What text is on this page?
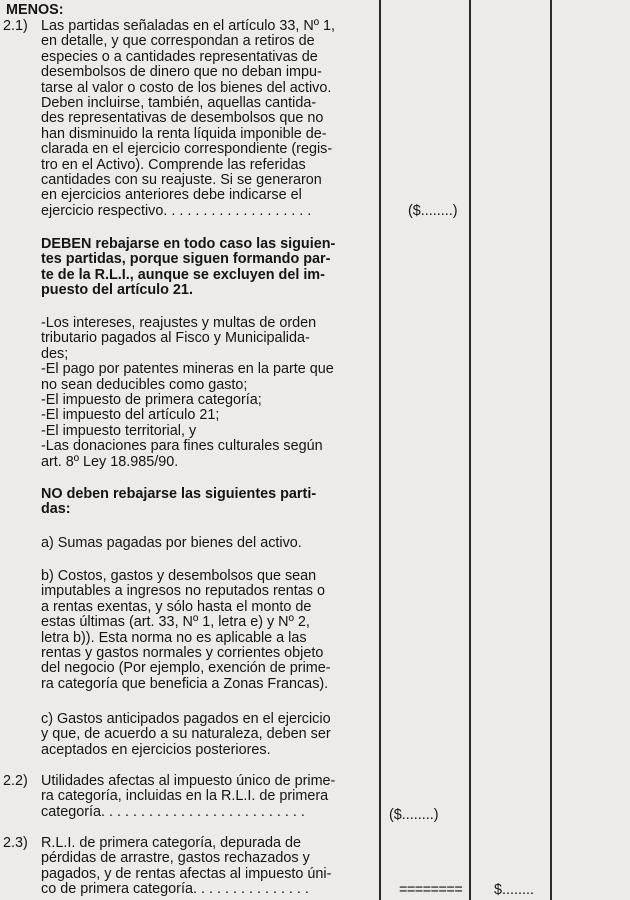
MENOS:
2.1) Las partidas señaladas en el artículo 33, Nº 1,
en detalle, y que correspondan a retiros de
especies o a cantidades representativas de
desembolsos de dinero que no deban impu-
tarse al valor o costo de los bienes del activo.
Deben incluirse, también, aquellas cantida-
des representativas de desembolsos que no
han disminuido la renta líquida imponible de-
clarada en el ejercicio correspondiente (regis-
tro en el Activo). Comprende las referidas
cantidades con su reajuste. Si se generaron
en ejercicios anteriores debe indicarse el
ejercicio respectivo. . . . . . . . . . . . . . . . . . .	($........)
DEBEN rebajarse en todo caso las siguien-
tes partidas, porque siguen formando par-
te de la R.L.I., aunque se excluyen del im-
puesto del artículo 21.
-Los intereses, reajustes y multas de orden
tributario pagados al Fisco y Municipalida-
des;
-El pago por patentes mineras en la parte que
no sean deducibles como gasto;
-El impuesto de primera categoría;
-El impuesto del artículo 21;
-El impuesto territorial, y
-Las donaciones para fines culturales según
art. 8º Ley 18.985/90.
NO deben rebajarse las siguientes parti-
das:
a) Sumas pagadas por bienes del activo.
b) Costos, gastos y desembolsos que sean
imputables a ingresos no reputados rentas o
a rentas exentas, y sólo hasta el monto de
estas últimas (art. 33, Nº 1, letra e) y Nº 2,
letra b)). Esta norma no es aplicable a las
rentas y gastos normales y corrientes objeto
del negocio (Por ejemplo, exención de prime-
ra categoría que beneficia a Zonas Francas).
c) Gastos anticipados pagados en el ejercicio
y que, de acuerdo a su naturaleza, deben ser
aceptados en ejercicios posteriores.
2.2) Utilidades afectas al impuesto único de prime-
ra categoría, incluidas en la R.L.I. de primera
categoría. . . . . . . . . . . . . . . . . . . . . . . . . .	($........)
2.3) R.L.I. de primera categoría, depurada de
pérdidas de arrastre, gastos rechazados y
pagados, y de rentas afectas al impuesto úni-
co de primera categoría. . . . . . . . . . . . . . .	======== $........
